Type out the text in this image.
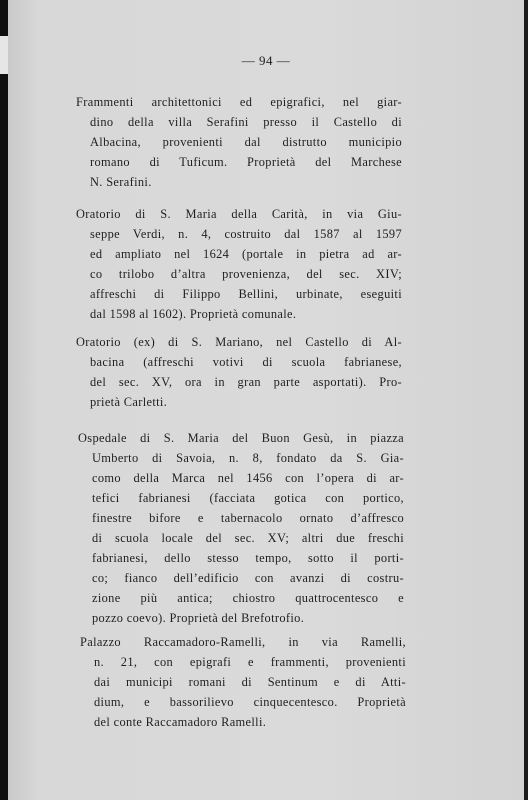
— 94 —
Frammenti architettonici ed epigrafici, nel giar-
dino della villa Serafini presso il Castello di
Albacina, provenienti dal distrutto municipio
romano di Tuficum. Proprietà del Marchese
N. Serafini.
Oratorio di S. Maria della Carità, in via Giu-
seppe Verdi, n. 4, costruito dal 1587 al 1597
ed ampliato nel 1624 (portale in pietra ad ar-
co trilobo d’altra provenienza, del sec. XIV;
affreschi di Filippo Bellini, urbinate, eseguiti
dal 1598 al 1602). Proprietà comunale.
Oratorio (ex) di S. Mariano, nel Castello di Al-
bacina (affreschi votivi di scuola fabrianese,
del sec. XV, ora in gran parte asportati). Pro-
prietà Carletti.
Ospedale di S. Maria del Buon Gesù, in piazza
Umberto di Savoia, n. 8, fondato da S. Gia-
como della Marca nel 1456 con l’opera di ar-
tefici fabrianesi (facciata gotica con portico,
finestre bifore e tabernacolo ornato d’affresco
di scuola locale del sec. XV; altri due freschi
fabrianesi, dello stesso tempo, sotto il porti-
co; fianco dell’edificio con avanzi di costru-
zione più antica; chiostro quattrocentesco e
pozzo coevo). Proprietà del Brefotrofio.
Palazzo Raccamadoro-Ramelli, in via Ramelli,
n. 21, con epigrafi e frammenti, provenienti
dai municipi romani di Sentinum e di Atti-
dium, e bassorilievo cinquecentesco. Proprietà
del conte Raccamadoro Ramelli.
